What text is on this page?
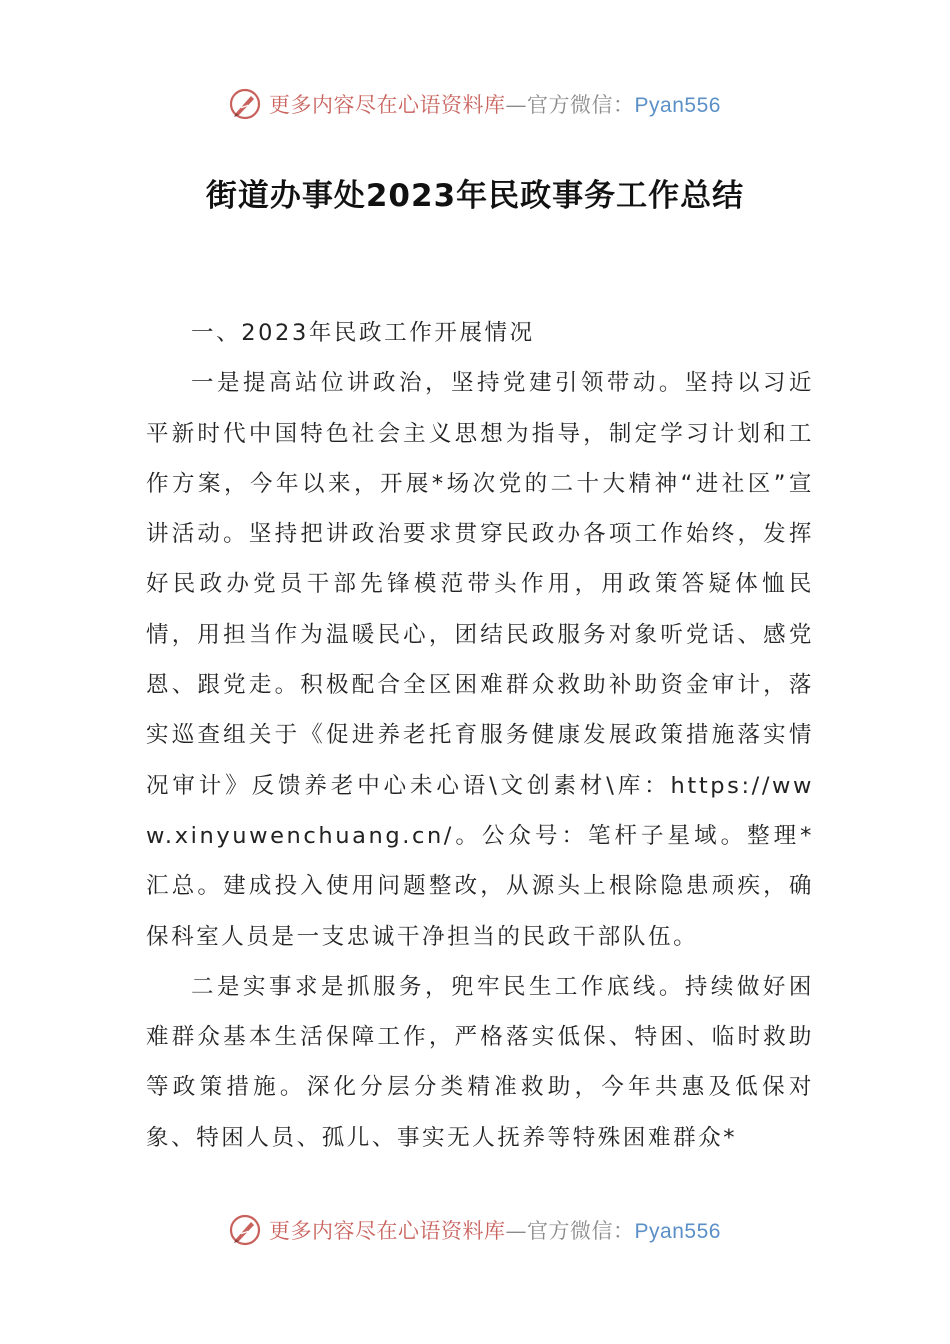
更多内容尽在心语资料库—官方微信：Pyan556
街道办事处2023年民政事务工作总结

一、2023年民政工作开展情况

一是提高站位讲政治，坚持党建引领带动。坚持以习近平新时代中国特色社会主义思想为指导，制定学习计划和工作方案，今年以来，开展*场次党的二十大精神“进社区”宣讲活动。坚持把讲政治要求贯穿民政办各项工作始终，发挥好民政办党员干部先锋模范带头作用，用政策答疑体恤民情，用担当作为温暖民心，团结民政服务对象听党话、感党恩、跟党走。积极配合全区困难群众救助补助资金审计，落实巡查组关于《促进养老托育服务健康发展政策措施落实情况审计》反馈养老中心未心语\文创素材\库：https://www.xinyuwenchuang.cn/。公众号：笔杆子星域。整理*汇总。建成投入使用问题整改，从源头上根除隐患顽疾，确保科室人员是一支忠诚干净担当的民政干部队伍。

二是实事求是抓服务，兜牢民生工作底线。持续做好困难群众基本生活保障工作，严格落实低保、特困、临时救助等政策措施。深化分层分类精准救助，今年共惠及低保对象、特困人员、孤儿、事实无人抚养等特殊困难群众*

更多内容尽在心语资料库—官方微信：Pyan556
